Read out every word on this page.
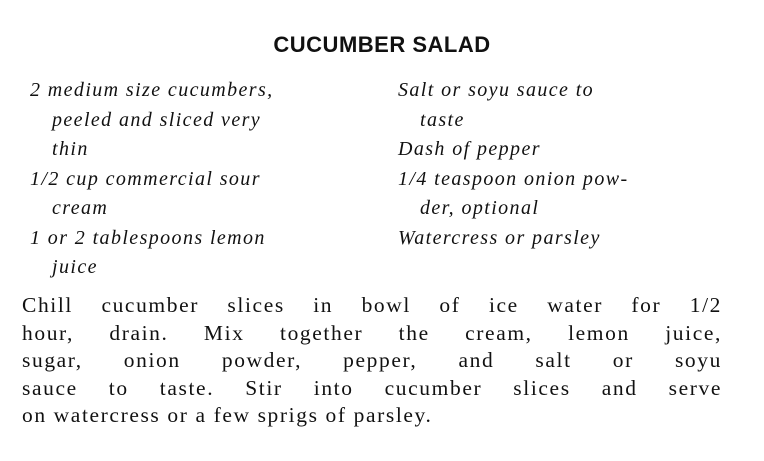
CUCUMBER SALAD
2 medium size cucumbers,
peeled and sliced very
thin
1/2 cup commercial sour
cream
1 or 2 tablespoons lemon
juice
Salt or soyu sauce to
taste
Dash of pepper
1/4 teaspoon onion pow-
der, optional
Watercress or parsley
Chill cucumber slices in bowl of ice water for 1/2
hour, drain. Mix together the cream, lemon juice,
sugar, onion powder, pepper, and salt or soyu
sauce to taste. Stir into cucumber slices and serve
on watercress or a few sprigs of parsley.
